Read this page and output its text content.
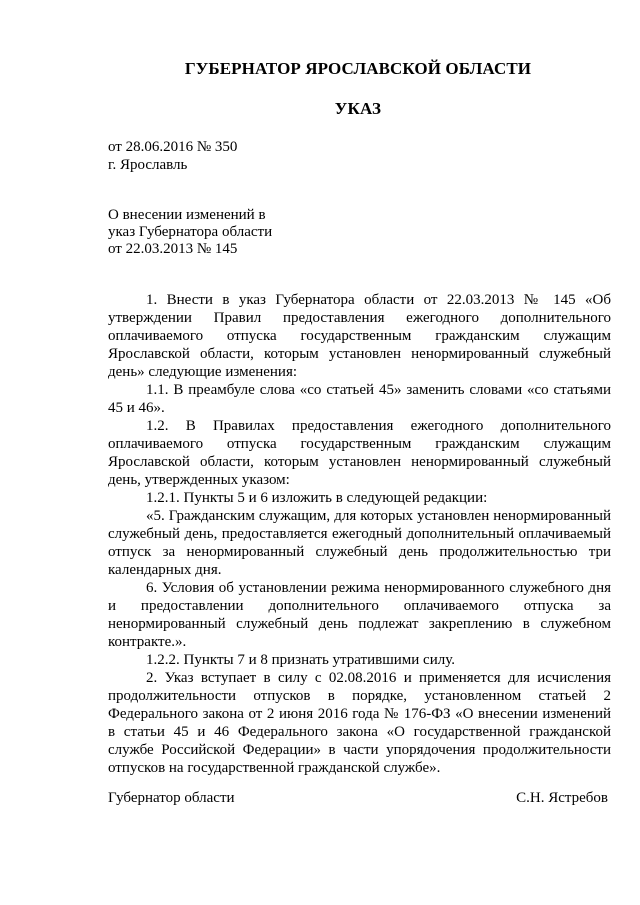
ГУБЕРНАТОР ЯРОСЛАВСКОЙ ОБЛАСТИ
УКАЗ
от 28.06.2016 № 350
г. Ярославль
О внесении изменений в
указ Губернатора области
от 22.03.2013 № 145

1. Внести в указ Губернатора области от 22.03.2013 № 145 «Об утверждении Правил предоставления ежегодного дополнительного оплачиваемого отпуска государственным гражданским служащим Ярославской области, которым установлен ненормированный служебный день» следующие изменения:

1.1. В преамбуле слова «со статьей 45» заменить словами «со статьями 45 и 46».

1.2. В Правилах предоставления ежегодного дополнительного оплачиваемого отпуска государственным гражданским служащим Ярославской области, которым установлен ненормированный служебный день, утвержденных указом:

1.2.1. Пункты 5 и 6 изложить в следующей редакции:

«5. Гражданским служащим, для которых установлен ненормированный служебный день, предоставляется ежегодный дополнительный оплачиваемый отпуск за ненормированный служебный день продолжительностью три календарных дня.

6. Условия об установлении режима ненормированного служебного дня и предоставлении дополнительного оплачиваемого отпуска за ненормированный служебный день подлежат закреплению в служебном контракте.».

1.2.2. Пункты 7 и 8 признать утратившими силу.

2. Указ вступает в силу с 02.08.2016 и применяется для исчисления продолжительности отпусков в порядке, установленном статьей 2 Федерального закона от 2 июня 2016 года № 176-ФЗ «О внесении изменений в статьи 45 и 46 Федерального закона «О государственной гражданской службе Российской Федерации» в части упорядочения продолжительности отпусков на государственной гражданской службе».

Губернатор области	С.Н. Ястребов
